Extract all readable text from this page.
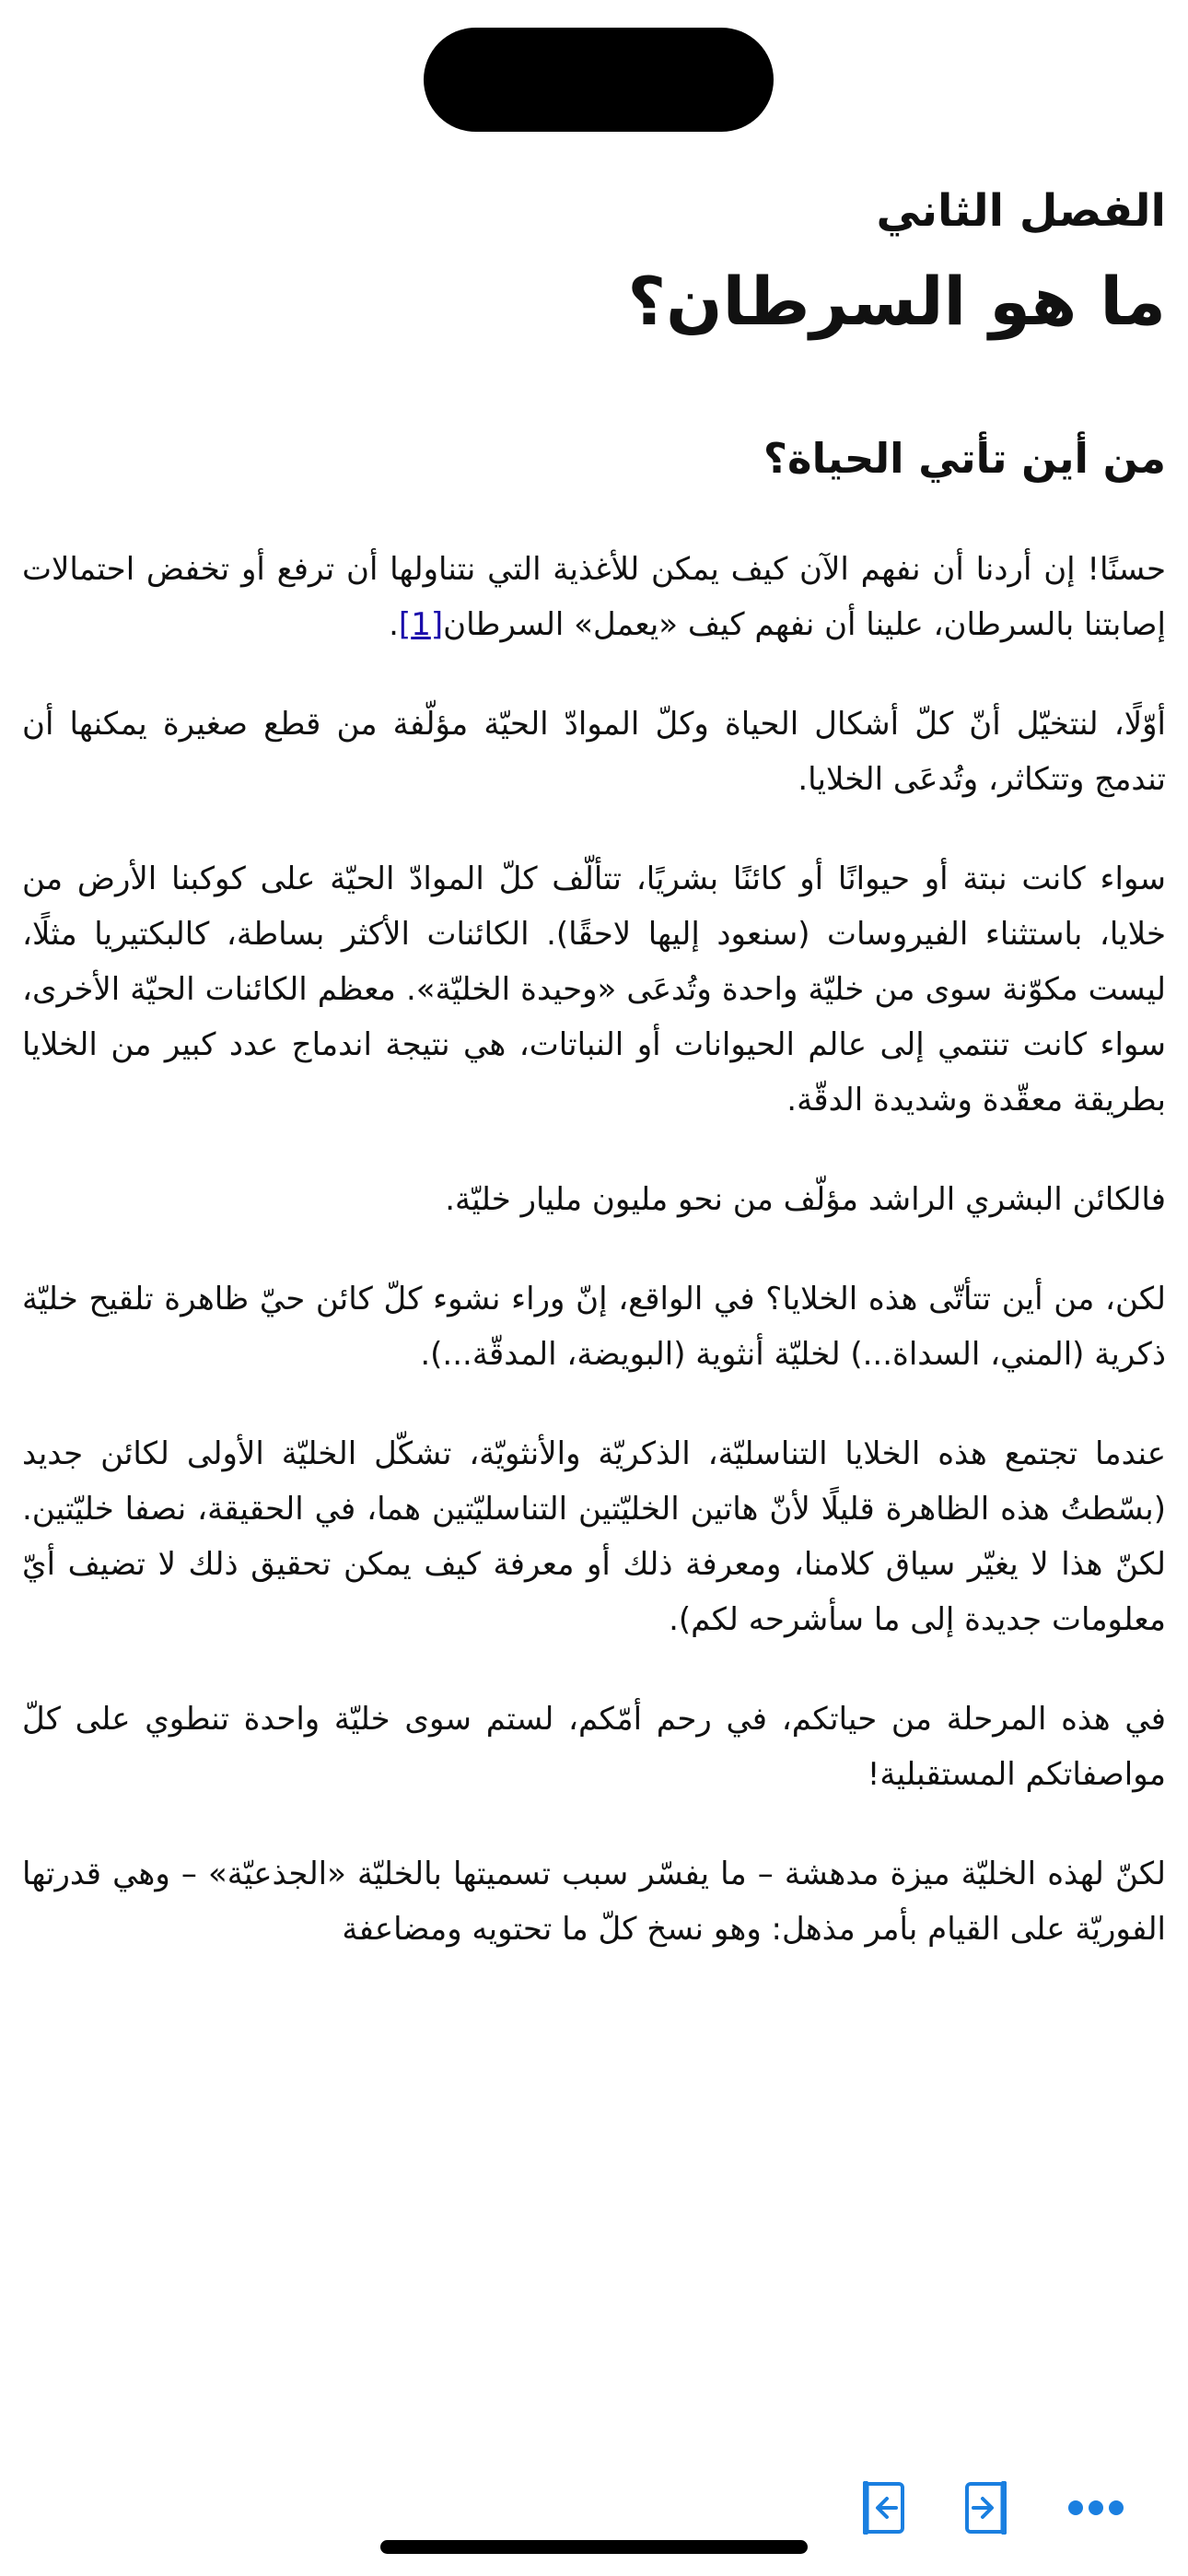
الفصل الثاني
ما هو السرطان؟
من أين تأتي الحياة؟

حسنًا! إن أردنا أن نفهم الآن كيف يمكن للأغذية التي نتناولها أن ترفع أو تخفض احتمالات إصابتنا بالسرطان، علينا أن نفهم كيف «يعمل» السرطان[1].

أوّلًا، لنتخيّل أنّ كلّ أشكال الحياة وكلّ الموادّ الحيّة مؤلّفة من قطع صغيرة يمكنها أن تندمج وتتكاثر، وتُدعَى الخلايا.

سواء كانت نبتة أو حيوانًا أو كائنًا بشريًا، تتألّف كلّ الموادّ الحيّة على كوكبنا الأرض من خلايا، باستثناء الفيروسات (سنعود إليها لاحقًا). الكائنات الأكثر بساطة، كالبكتيريا مثلًا، ليست مكوّنة سوى من خليّة واحدة وتُدعَى «وحيدة الخليّة». معظم الكائنات الحيّة الأخرى، سواء كانت تنتمي إلى عالم الحيوانات أو النباتات، هي نتيجة اندماج عدد كبير من الخلايا بطريقة معقّدة وشديدة الدقّة.

فالكائن البشري الراشد مؤلّف من نحو مليون مليار خليّة.

لكن، من أين تتأتّى هذه الخلايا؟ في الواقع، إنّ وراء نشوء كلّ كائن حيّ ظاهرة تلقيح خليّة ذكرية (المني، السداة...) لخليّة أنثوية (البويضة، المدقّة...).

عندما تجتمع هذه الخلايا التناسليّة، الذكريّة والأنثويّة، تشكّل الخليّة الأولى لكائن جديد (بسّطتُ هذه الظاهرة قليلًا لأنّ هاتين الخليّتين التناسليّتين هما، في الحقيقة، نصفا خليّتين. لكنّ هذا لا يغيّر سياق كلامنا، ومعرفة ذلك أو معرفة كيف يمكن تحقيق ذلك لا تضيف أيّ معلومات جديدة إلى ما سأشرحه لكم).

في هذه المرحلة من حياتكم، في رحم أمّكم، لستم سوى خليّة واحدة تنطوي على كلّ مواصفاتكم المستقبلية!

لكنّ لهذه الخليّة ميزة مدهشة – ما يفسّر سبب تسميتها بالخليّة «الجذعيّة» – وهي قدرتها الفوريّة على القيام بأمر مذهل: وهو نسخ كلّ ما تحتويه ومضاعفة
